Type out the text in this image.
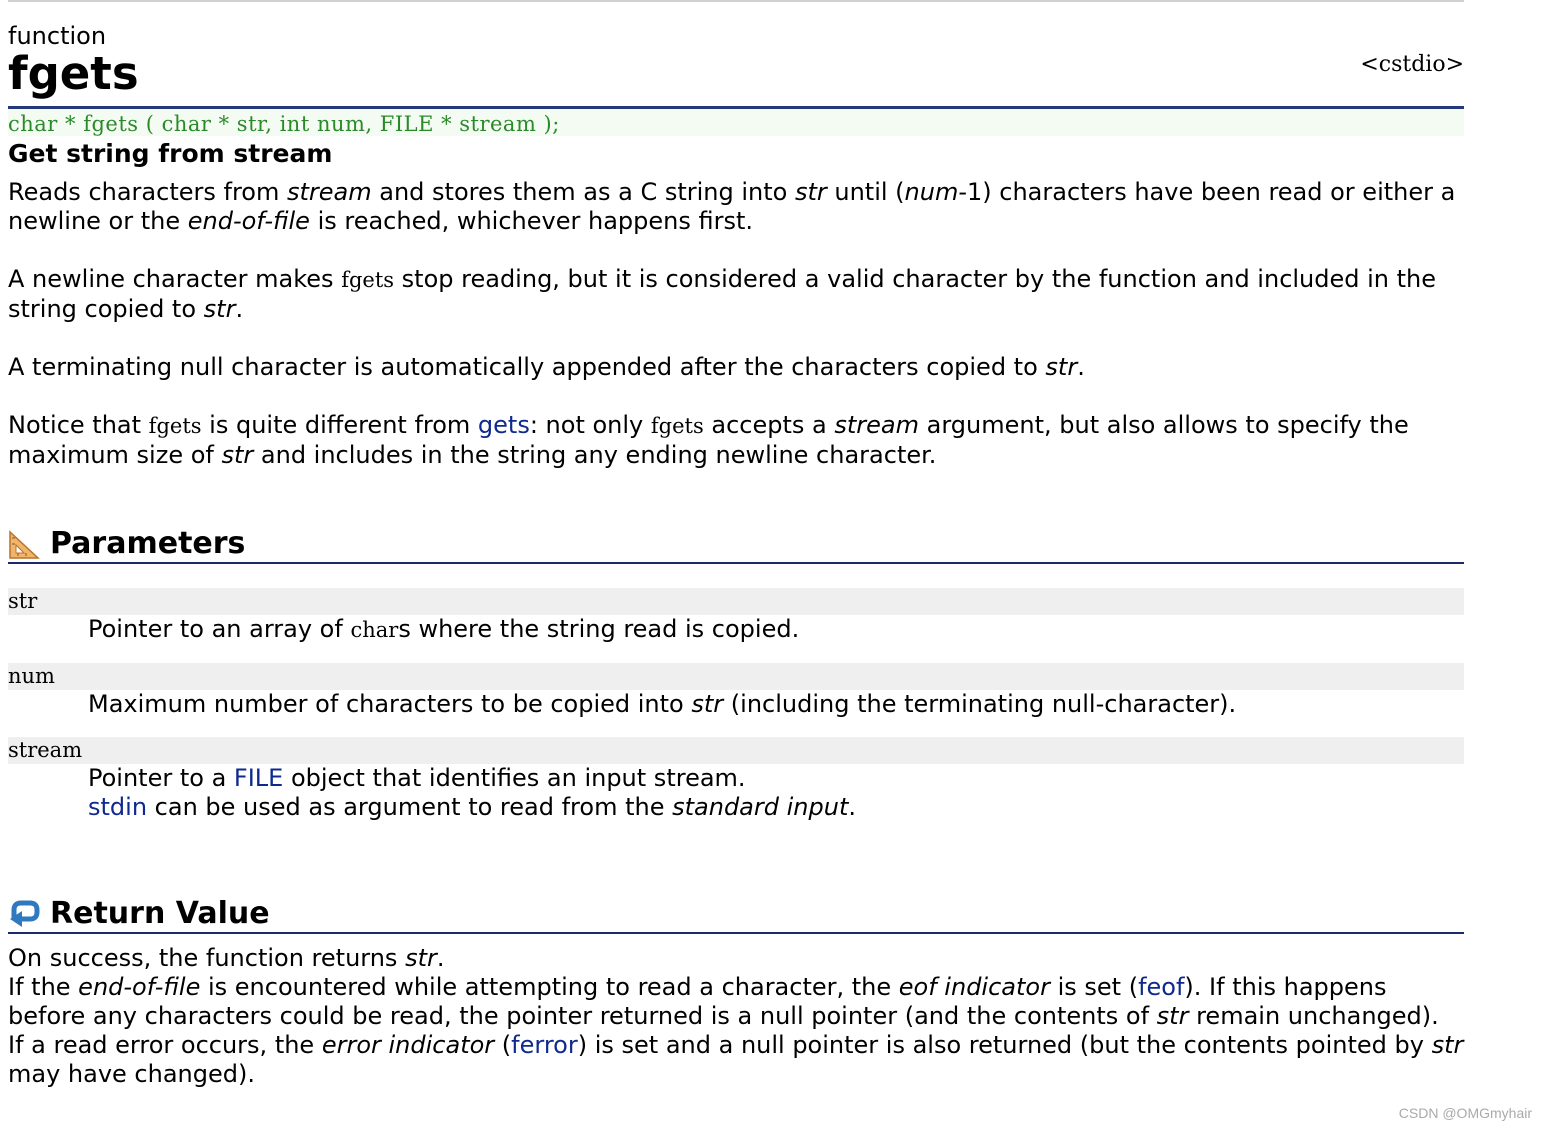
function
fgets	<cstdio>
char * fgets ( char * str, int num, FILE * stream );
Get string from stream

Reads characters from stream and stores them as a C string into str until (num-1) characters have been read or either a newline or the end-of-file is reached, whichever happens first.

A newline character makes fgets stop reading, but it is considered a valid character by the function and included in the string copied to str.

A terminating null character is automatically appended after the characters copied to str.

Notice that fgets is quite different from gets: not only fgets accepts a stream argument, but also allows to specify the maximum size of str and includes in the string any ending newline character.

Parameters
str
Pointer to an array of chars where the string read is copied.
num
Maximum number of characters to be copied into str (including the terminating null-character).
stream
Pointer to a FILE object that identifies an input stream.
stdin can be used as argument to read from the standard input.
Return Value

On success, the function returns str.
If the end-of-file is encountered while attempting to read a character, the eof indicator is set (feof). If this happens before any characters could be read, the pointer returned is a null pointer (and the contents of str remain unchanged).
If a read error occurs, the error indicator (ferror) is set and a null pointer is also returned (but the contents pointed by str may have changed).

CSDN @OMGmyhair
